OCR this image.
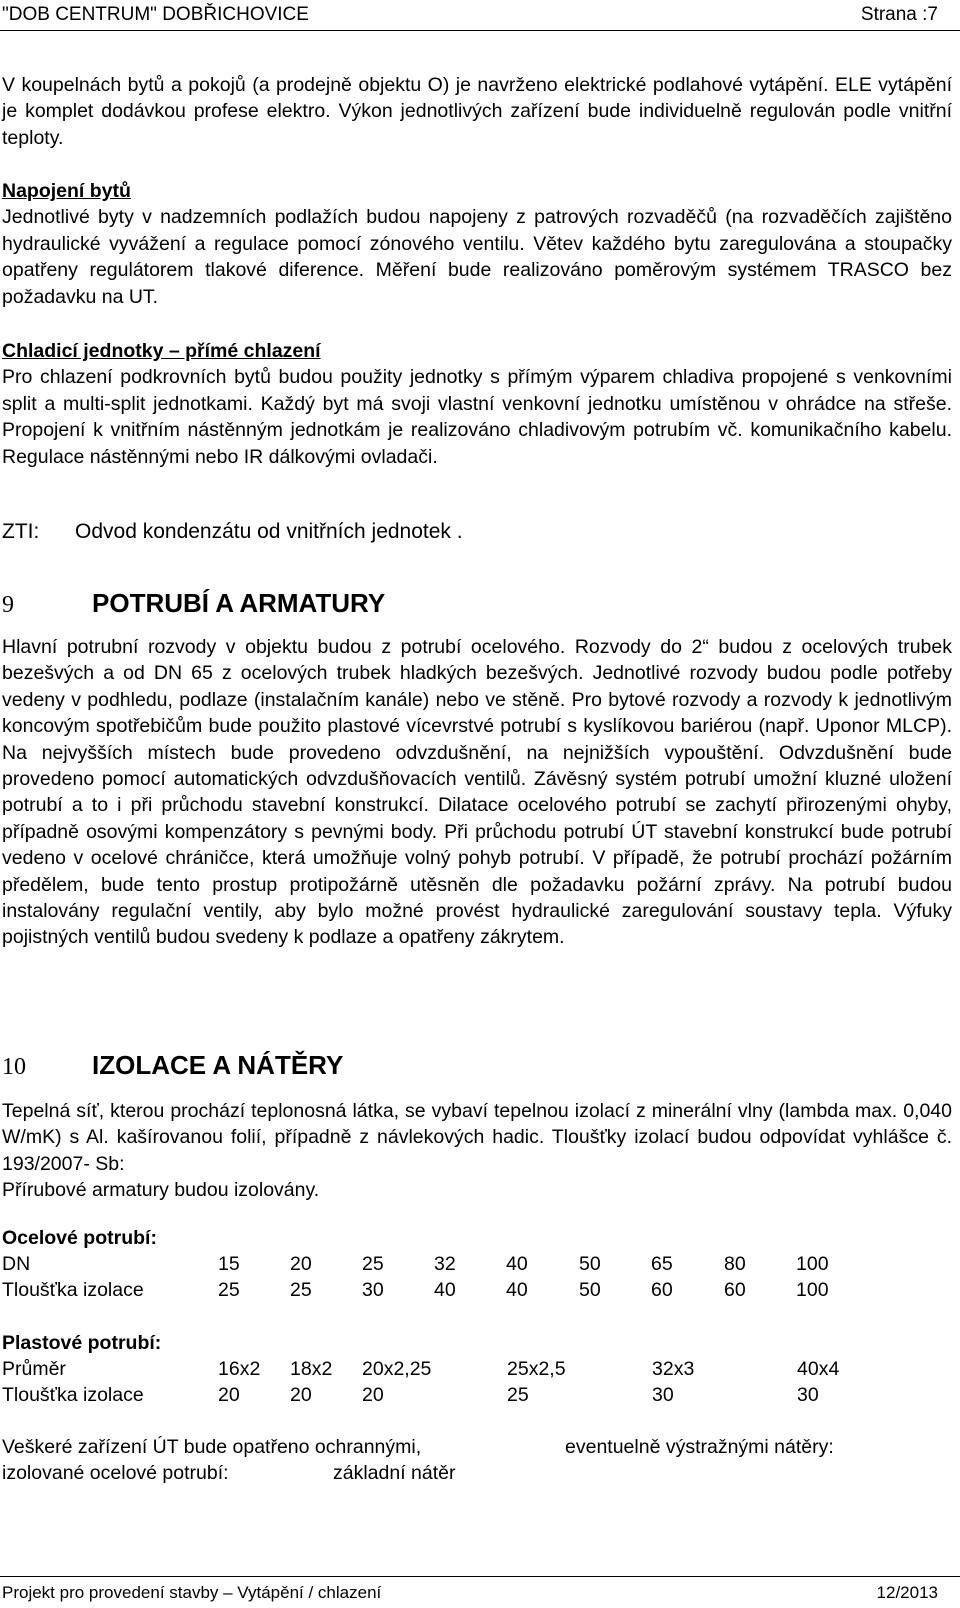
"DOB CENTRUM" DOBŘICHOVICE	Strana :7
V koupelnách bytů a pokojů (a prodejně objektu O) je navrženo elektrické podlahové vytápění. ELE vytápění je komplet dodávkou profese elektro. Výkon jednotlivých zařízení bude individuelně regulován podle vnitřní teploty.
Napojení bytů
Jednotlivé byty v nadzemních podlažích budou napojeny z patrových rozvaděčů (na rozvaděčích zajištěno hydraulické vyvážení a regulace pomocí zónového ventilu. Větev každého bytu zaregulována a stoupačky opatřeny regulátorem tlakové diference. Měření bude realizováno poměrovým systémem TRASCO bez požadavku na UT.
Chladicí jednotky – přímé chlazení
Pro chlazení podkrovních bytů budou použity jednotky s přímým výparem chladiva propojené s venkovními split a multi-split jednotkami. Každý byt má svoji vlastní venkovní jednotku umístěnou v ohrádce na střeše. Propojení k vnitřním nástěnným jednotkám je realizováno chladivovým potrubím vč. komunikačního kabelu. Regulace nástěnnými nebo IR dálkovými ovladači.
ZTI: Odvod kondenzátu od vnitřních jednotek .
9	POTRUBÍ A ARMATURY
Hlavní potrubní rozvody v objektu budou z potrubí ocelového. Rozvody do 2“ budou z ocelových trubek bezešvých a od DN 65 z ocelových trubek hladkých bezešvých. Jednotlivé rozvody budou podle potřeby vedeny v podhledu, podlaze (instalačním kanále) nebo ve stěně. Pro bytové rozvody a rozvody k jednotlivým koncovým spotřebičům bude použito plastové vícevrstvé potrubí s kyslíkovou bariérou (např. Uponor MLCP). Na nejvyšších místech bude provedeno odvzdušnění, na nejnižších vypouštění. Odvzdušnění bude provedeno pomocí automatických odvzdušňovacích ventilů. Závěsný systém potrubí umožní kluzné uložení potrubí a to i při průchodu stavební konstrukcí. Dilatace ocelového potrubí se zachytí přirozenými ohyby, případně osovými kompenzátory s pevnými body. Při průchodu potrubí ÚT stavební konstrukcí bude potrubí vedeno v ocelové chráničce, která umožňuje volný pohyb potrubí. V případě, že potrubí prochází požárním předělem, bude tento prostup protipožárně utěsněn dle požadavku požární zprávy. Na potrubí budou instalovány regulační ventily, aby bylo možné provést hydraulické zaregulování soustavy tepla. Výfuky pojistných ventilů budou svedeny k podlaze a opatřeny zákrytem.
10	IZOLACE A NÁTĚRY
Tepelná síť, kterou prochází teplonosná látka, se vybaví tepelnou izolací z minerální vlny (lambda max. 0,040 W/mK) s Al. kašírovanou folií, případně z návlekových hadic. Tloušťky izolací budou odpovídat vyhlášce č. 193/2007- Sb:
Přírubové armatury budou izolovány.
Ocelové potrubí:									
DN	15	20	25	32	40	50	65	80	100
Tloušťka izolace	25	25	30	40	40	50	60	60	100
Plastové potrubí:						
Průměr	16x2	18x2	20x2,25	25x2,5	32x3	40x4
Tloušťka izolace	20	20	20	25	30	30
Veškeré zařízení ÚT bude opatřeno ochrannými,	eventuelně výstražnými nátěry:
izolované ocelové potrubí:	základní nátěr
Projekt pro provedení stavby – Vytápění / chlazení	12/2013
